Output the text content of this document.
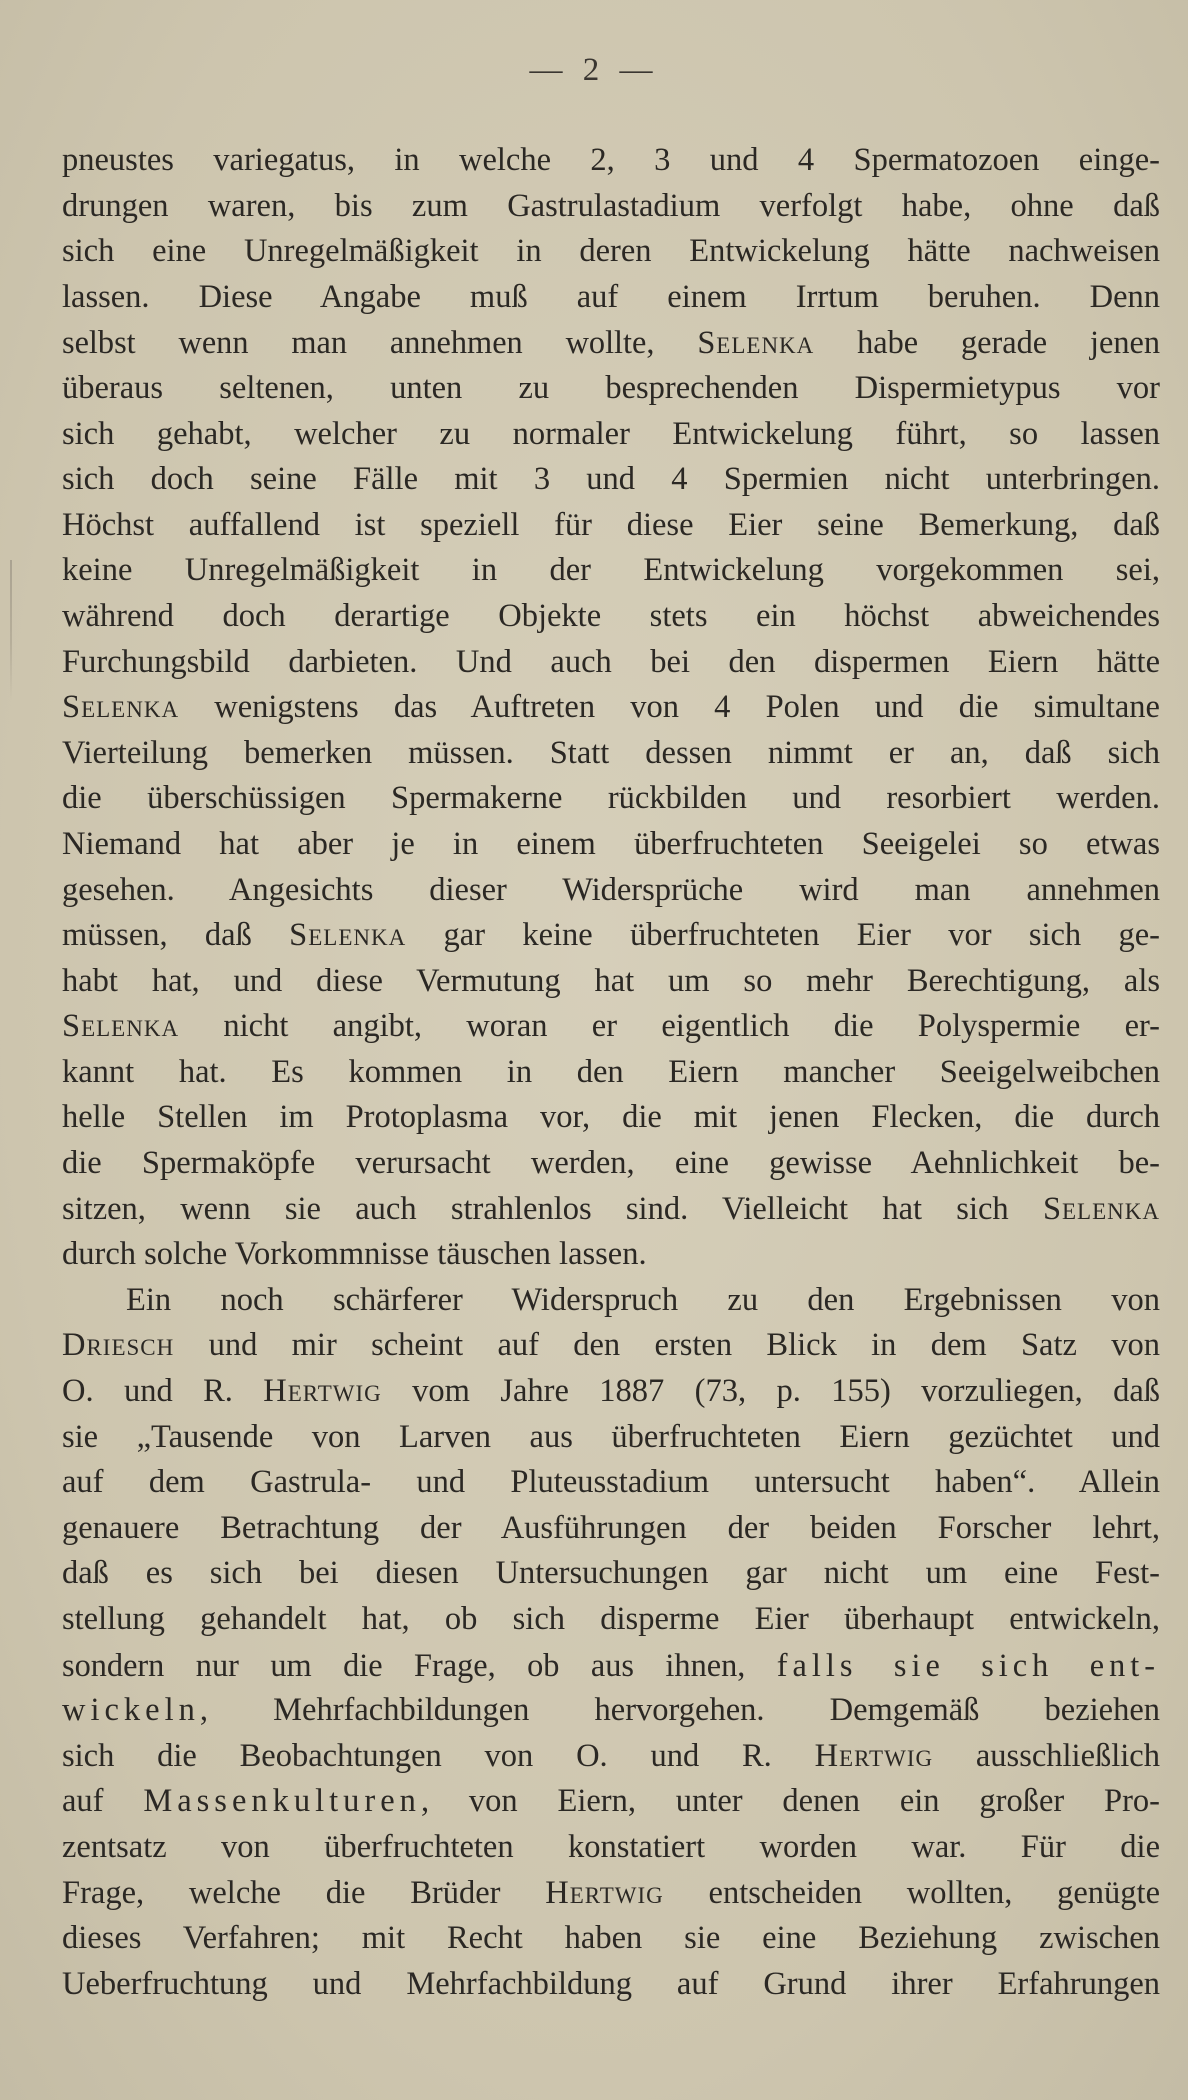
— 2 —
pneustes variegatus, in welche 2, 3 und 4 Spermatozoen einge-
drungen waren, bis zum Gastrulastadium verfolgt habe, ohne daß
sich eine Unregelmäßigkeit in deren Entwickelung hätte nachweisen
lassen. Diese Angabe muß auf einem Irrtum beruhen. Denn
selbst wenn man annehmen wollte, Selenka habe gerade jenen
überaus seltenen, unten zu besprechenden Dispermietypus vor
sich gehabt, welcher zu normaler Entwickelung führt, so lassen
sich doch seine Fälle mit 3 und 4 Spermien nicht unterbringen.
Höchst auffallend ist speziell für diese Eier seine Bemerkung, daß
keine Unregelmäßigkeit in der Entwickelung vorgekommen sei,
während doch derartige Objekte stets ein höchst abweichendes
Furchungsbild darbieten. Und auch bei den dispermen Eiern hätte
Selenka wenigstens das Auftreten von 4 Polen und die simultane
Vierteilung bemerken müssen. Statt dessen nimmt er an, daß sich
die überschüssigen Spermakerne rückbilden und resorbiert werden.
Niemand hat aber je in einem überfruchteten Seeigelei so etwas
gesehen. Angesichts dieser Widersprüche wird man annehmen
müssen, daß Selenka gar keine überfruchteten Eier vor sich ge-
habt hat, und diese Vermutung hat um so mehr Berechtigung, als
Selenka nicht angibt, woran er eigentlich die Polyspermie er-
kannt hat. Es kommen in den Eiern mancher Seeigelweibchen
helle Stellen im Protoplasma vor, die mit jenen Flecken, die durch
die Spermaköpfe verursacht werden, eine gewisse Aehnlichkeit be-
sitzen, wenn sie auch strahlenlos sind. Vielleicht hat sich Selenka
durch solche Vorkommnisse täuschen lassen.
Ein noch schärferer Widerspruch zu den Ergebnissen von
Driesch und mir scheint auf den ersten Blick in dem Satz von
O. und R. Hertwig vom Jahre 1887 (73, p. 155) vorzuliegen, daß
sie „Tausende von Larven aus überfruchteten Eiern gezüchtet und
auf dem Gastrula- und Pluteusstadium untersucht haben“. Allein
genauere Betrachtung der Ausführungen der beiden Forscher lehrt,
daß es sich bei diesen Untersuchungen gar nicht um eine Fest-
stellung gehandelt hat, ob sich disperme Eier überhaupt entwickeln,
sondern nur um die Frage, ob aus ihnen, falls sie sich ent-
wickeln, Mehrfachbildungen hervorgehen. Demgemäß beziehen
sich die Beobachtungen von O. und R. Hertwig ausschließlich
auf Massenkulturen, von Eiern, unter denen ein großer Pro-
zentsatz von überfruchteten konstatiert worden war. Für die
Frage, welche die Brüder Hertwig entscheiden wollten, genügte
dieses Verfahren; mit Recht haben sie eine Beziehung zwischen
Ueberfruchtung und Mehrfachbildung auf Grund ihrer Erfahrungen
